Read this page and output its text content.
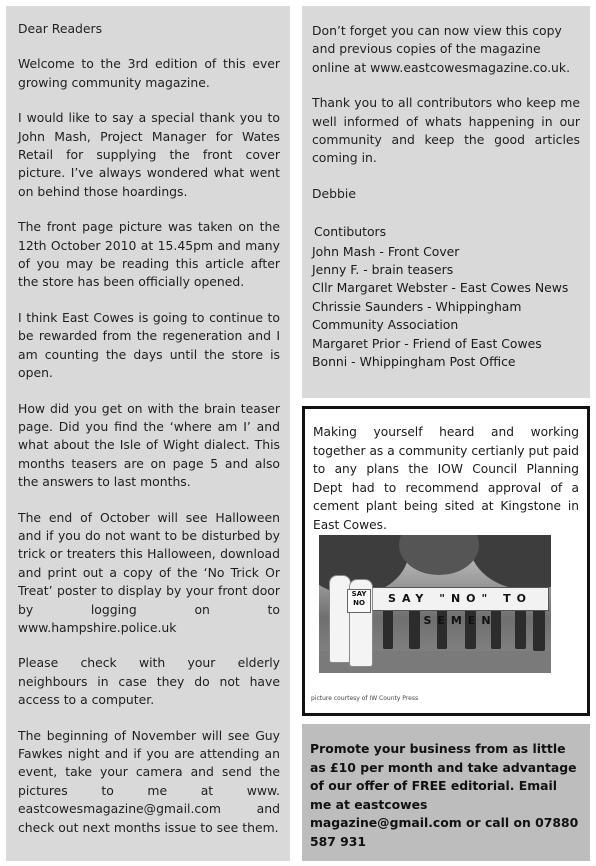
Dear Readers

Welcome to the 3rd edition of this ever growing community magazine.

I would like to say a special thank you to John Mash, Project Manager for Wates Retail for supplying the front cover picture. I’ve always wondered what went on behind those hoardings.

The front page picture was taken on the 12th October 2010 at 15.45pm and many of you may be reading this article after the store has been officially opened.

I think East Cowes is going to continue to be rewarded from the regeneration and I am counting the days until the store is open.

How did you get on with the brain teaser page. Did you find the ‘where am I’ and what about the Isle of Wight dialect. This months teasers are on page 5 and also the answers to last months.

The end of October will see Halloween and if you do not want to be disturbed by trick or treaters this Halloween, download and print out a copy of the ‘No Trick Or Treat’ poster to display by your front door by logging on to www.hampshire.police.uk

Please check with your elderly neighbours in case they do not have access to a computer.

The beginning of November will see Guy Fawkes night and if you are attending an event, take your camera and send the pictures to me at www. eastcowesmagazine@gmail.com and check out next months issue to see them.

Don’t forget you can now view this copy and previous copies of the magazine online at www.eastcowesmagazine.co.uk.

Thank you to all contributors who keep me well informed of whats happening in our community and keep the good articles coming in.

Debbie

Contibutors

John Mash - Front Cover
Jenny F. - brain teasers
Cllr Margaret Webster - East Cowes News
Chrissie Saunders - Whippingham Community Association
Margaret Prior - Friend of East Cowes
Bonni - Whippingham Post Office

Making yourself heard and working together as a community certianly put paid to any plans the IOW Council Planning Dept had to recommend approval of a cement plant being sited at Kingstone in East Cowes.

SAY "NO" TO SEMEN
SAY NO
picture courtesy of IW County Press

Promote your business from as little as £10 per month and take advantage of our offer of FREE editorial. Email me at eastcowes magazine@gmail.com or call on 07880 587 931
